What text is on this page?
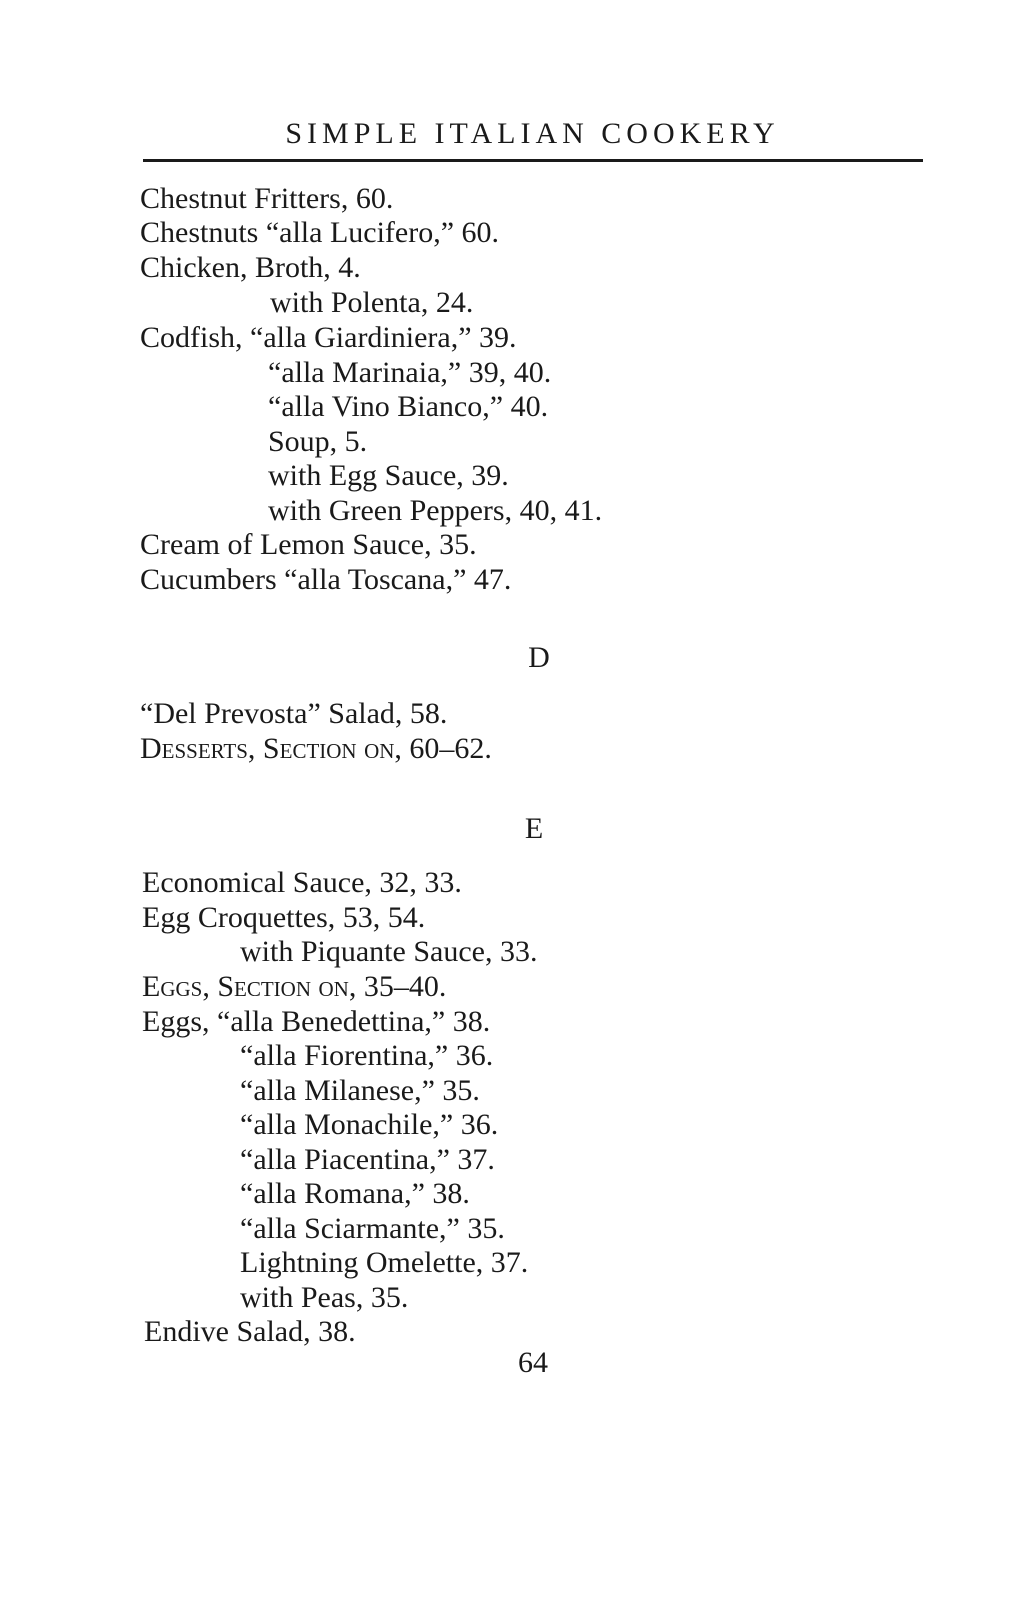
SIMPLE ITALIAN COOKERY
Chestnut Fritters, 60.
Chestnuts “alla Lucifero,” 60.
Chicken, Broth, 4.
with Polenta, 24.
Codfish, “alla Giardiniera,” 39.
“alla Marinaia,” 39, 40.
“alla Vino Bianco,” 40.
Soup, 5.
with Egg Sauce, 39.
with Green Peppers, 40, 41.
Cream of Lemon Sauce, 35.
Cucumbers “alla Toscana,” 47.
D
“Del Prevosta” Salad, 58.
Desserts, Section on, 60–62.
E
Economical Sauce, 32, 33.
Egg Croquettes, 53, 54.
with Piquante Sauce, 33.
Eggs, Section on, 35–40.
Eggs, “alla Benedettina,” 38.
“alla Fiorentina,” 36.
“alla Milanese,” 35.
“alla Monachile,” 36.
“alla Piacentina,” 37.
“alla Romana,” 38.
“alla Sciarmante,” 35.
Lightning Omelette, 37.
with Peas, 35.
Endive Salad, 38.
64
